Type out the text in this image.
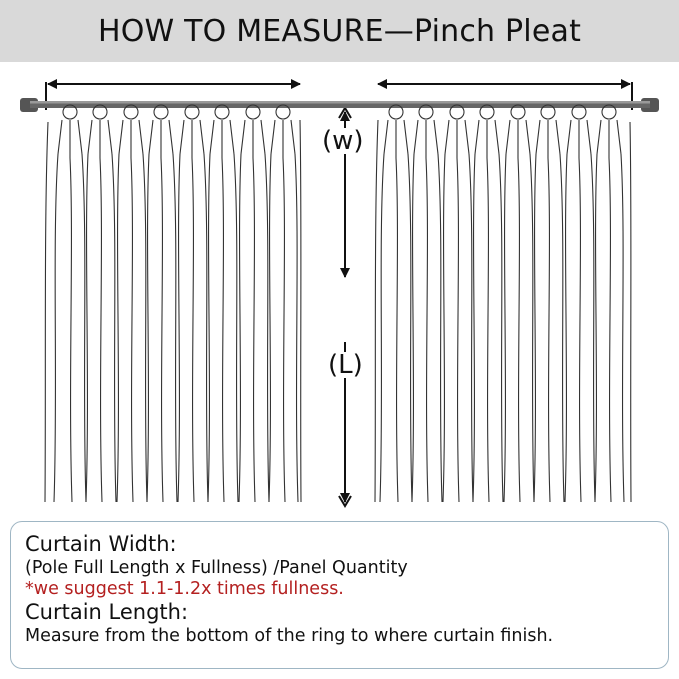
HOW TO MEASURE—Pinch Pleat
(w)
(L)
Curtain Width:
(Pole Full Length x Fullness) /Panel Quantity
*we suggest 1.1-1.2x times fullness.
Curtain Length:
Measure from the bottom of the ring to where curtain finish.
